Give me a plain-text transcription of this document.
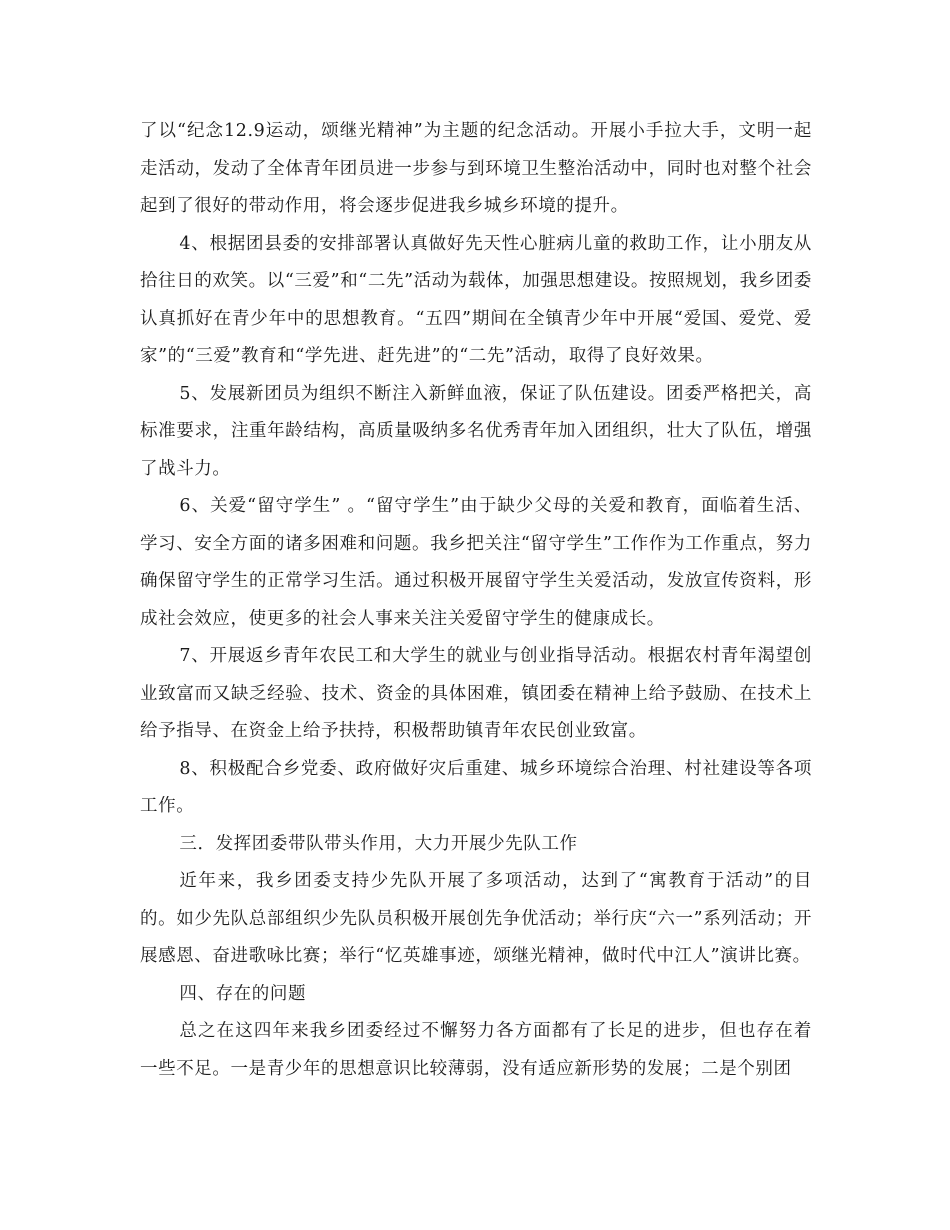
了以“纪念12.9运动，颂继光精神”为主题的纪念活动。开展小手拉大手，文明一起走活动，发动了全体青年团员进一步参与到环境卫生整治活动中，同时也对整个社会起到了很好的带动作用，将会逐步促进我乡城乡环境的提升。

4、根据团县委的安排部署认真做好先天性心脏病儿童的救助工作，让小朋友从拾往日的欢笑。以“三爱”和“二先”活动为载体，加强思想建设。按照规划，我乡团委认真抓好在青少年中的思想教育。“五四”期间在全镇青少年中开展“爱国、爱党、爱家”的“三爱”教育和“学先进、赶先进”的“二先”活动，取得了良好效果。

5、发展新团员为组织不断注入新鲜血液，保证了队伍建设。团委严格把关，高标准要求，注重年龄结构，高质量吸纳多名优秀青年加入团组织，壮大了队伍，增强了战斗力。

6、关爱“留守学生” 。“留守学生”由于缺少父母的关爱和教育，面临着生活、学习、安全方面的诸多困难和问题。我乡把关注“留守学生”工作作为工作重点，努力确保留守学生的正常学习生活。通过积极开展留守学生关爱活动，发放宣传资料，形成社会效应，使更多的社会人事来关注关爱留守学生的健康成长。

7、开展返乡青年农民工和大学生的就业与创业指导活动。根据农村青年渴望创业致富而又缺乏经验、技术、资金的具体困难，镇团委在精神上给予鼓励、在技术上给予指导、在资金上给予扶持，积极帮助镇青年农民创业致富。

8、积极配合乡党委、政府做好灾后重建、城乡环境综合治理、村社建设等各项工作。

三．发挥团委带队带头作用，大力开展少先队工作

近年来，我乡团委支持少先队开展了多项活动，达到了“寓教育于活动”的目的。如少先队总部组织少先队员积极开展创先争优活动；举行庆“六一”系列活动；开展感恩、奋进歌咏比赛；举行“忆英雄事迹，颂继光精神，做时代中江人”演讲比赛。

四、存在的问题

总之在这四年来我乡团委经过不懈努力各方面都有了长足的进步，但也存在着一些不足。一是青少年的思想意识比较薄弱，没有适应新形势的发展；二是个别团
